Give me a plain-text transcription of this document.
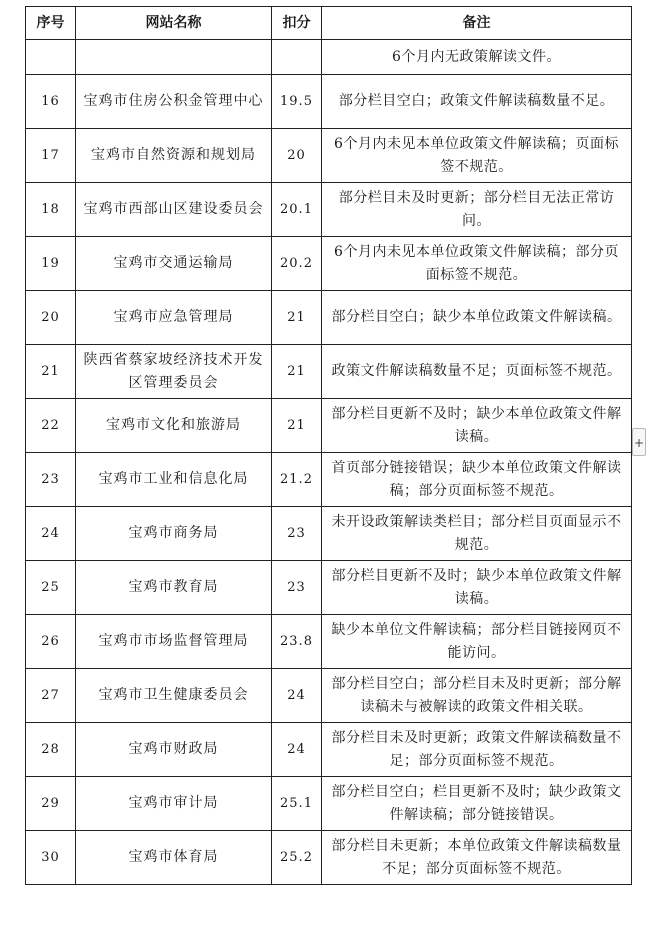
序号	网站名称	扣分	备注
			6个月内无政策解读文件。
16	宝鸡市住房公积金管理中心	19.5	部分栏目空白；政策文件解读稿数量不足。
17	宝鸡市自然资源和规划局	20	6个月内未见本单位政策文件解读稿；页面标签不规范。
18	宝鸡市西部山区建设委员会	20.1	部分栏目未及时更新；部分栏目无法正常访问。
19	宝鸡市交通运输局	20.2	6个月内未见本单位政策文件解读稿；部分页面标签不规范。
20	宝鸡市应急管理局	21	部分栏目空白；缺少本单位政策文件解读稿。
21	陕西省蔡家坡经济技术开发区管理委员会	21	政策文件解读稿数量不足；页面标签不规范。
22	宝鸡市文化和旅游局	21	部分栏目更新不及时；缺少本单位政策文件解读稿。
23	宝鸡市工业和信息化局	21.2	首页部分链接错误；缺少本单位政策文件解读稿；部分页面标签不规范。
24	宝鸡市商务局	23	未开设政策解读类栏目；部分栏目页面显示不规范。
25	宝鸡市教育局	23	部分栏目更新不及时；缺少本单位政策文件解读稿。
26	宝鸡市市场监督管理局	23.8	缺少本单位文件解读稿；部分栏目链接网页不能访问。
27	宝鸡市卫生健康委员会	24	部分栏目空白；部分栏目未及时更新；部分解读稿未与被解读的政策文件相关联。
28	宝鸡市财政局	24	部分栏目未及时更新；政策文件解读稿数量不足；部分页面标签不规范。
29	宝鸡市审计局	25.1	部分栏目空白；栏目更新不及时；缺少政策文件解读稿；部分链接错误。
30	宝鸡市体育局	25.2	部分栏目未更新；本单位政策文件解读稿数量不足；部分页面标签不规范。
+
